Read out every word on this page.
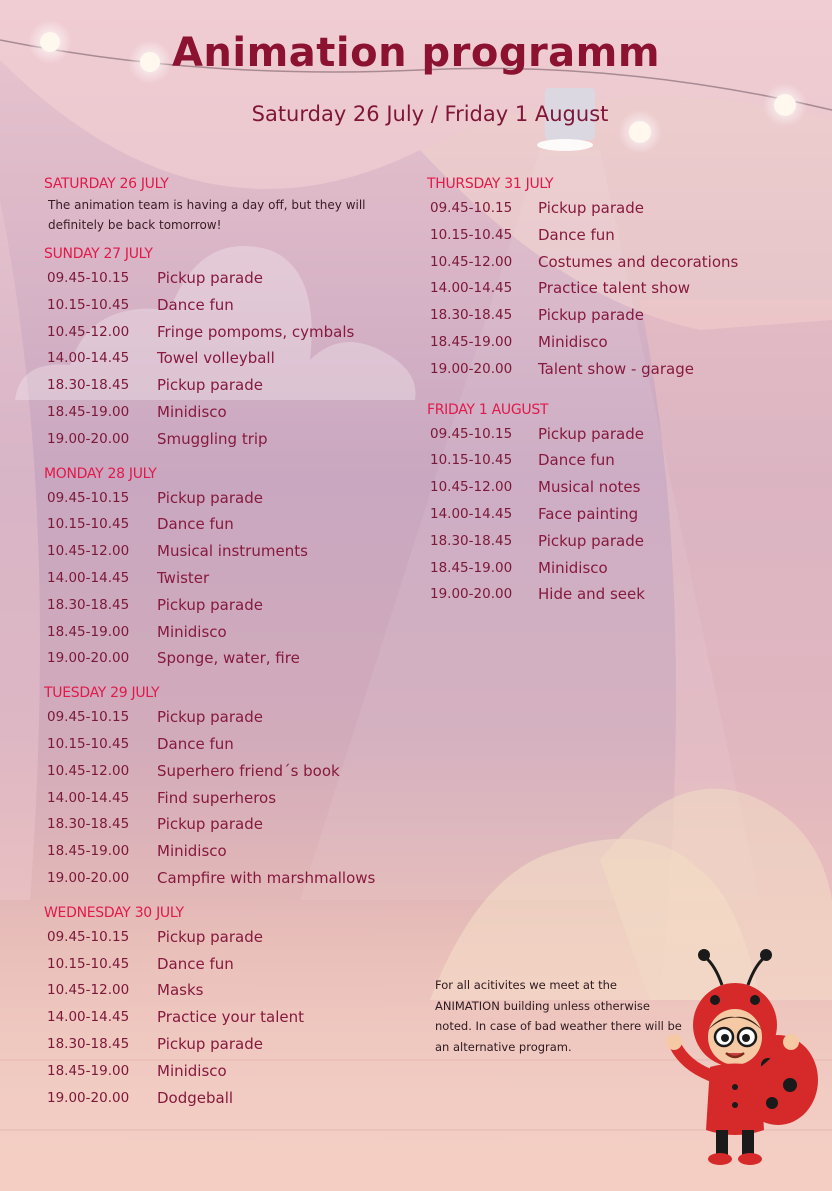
Animation programm
Saturday 26 July / Friday 1 August
SATURDAY 26 JULY
The animation team is having a day off, but they will definitely be back tomorrow!
SUNDAY 27 JULY
09.45-10.15	Pickup parade
10.15-10.45	Dance fun
10.45-12.00	Fringe pompoms, cymbals
14.00-14.45	Towel volleyball
18.30-18.45	Pickup parade
18.45-19.00	Minidisco
19.00-20.00	Smuggling trip
MONDAY 28 JULY
09.45-10.15	Pickup parade
10.15-10.45	Dance fun
10.45-12.00	Musical instruments
14.00-14.45	Twister
18.30-18.45	Pickup parade
18.45-19.00	Minidisco
19.00-20.00	Sponge, water, fire
TUESDAY 29 JULY
09.45-10.15	Pickup parade
10.15-10.45	Dance fun
10.45-12.00	Superhero friend´s book
14.00-14.45	Find superheros
18.30-18.45	Pickup parade
18.45-19.00	Minidisco
19.00-20.00	Campfire with marshmallows
WEDNESDAY 30 JULY
09.45-10.15	Pickup parade
10.15-10.45	Dance fun
10.45-12.00	Masks
14.00-14.45	Practice your talent
18.30-18.45	Pickup parade
18.45-19.00	Minidisco
19.00-20.00	Dodgeball
THURSDAY 31 JULY
09.45-10.15	Pickup parade
10.15-10.45	Dance fun
10.45-12.00	Costumes and decorations
14.00-14.45	Practice talent show
18.30-18.45	Pickup parade
18.45-19.00	Minidisco
19.00-20.00	Talent show - garage
FRIDAY 1 AUGUST
09.45-10.15	Pickup parade
10.15-10.45	Dance fun
10.45-12.00	Musical notes
14.00-14.45	Face painting
18.30-18.45	Pickup parade
18.45-19.00	Minidisco
19.00-20.00	Hide and seek
For all acitivites we meet at the ANIMATION building unless otherwise noted. In case of bad weather there will be an alternative program.
